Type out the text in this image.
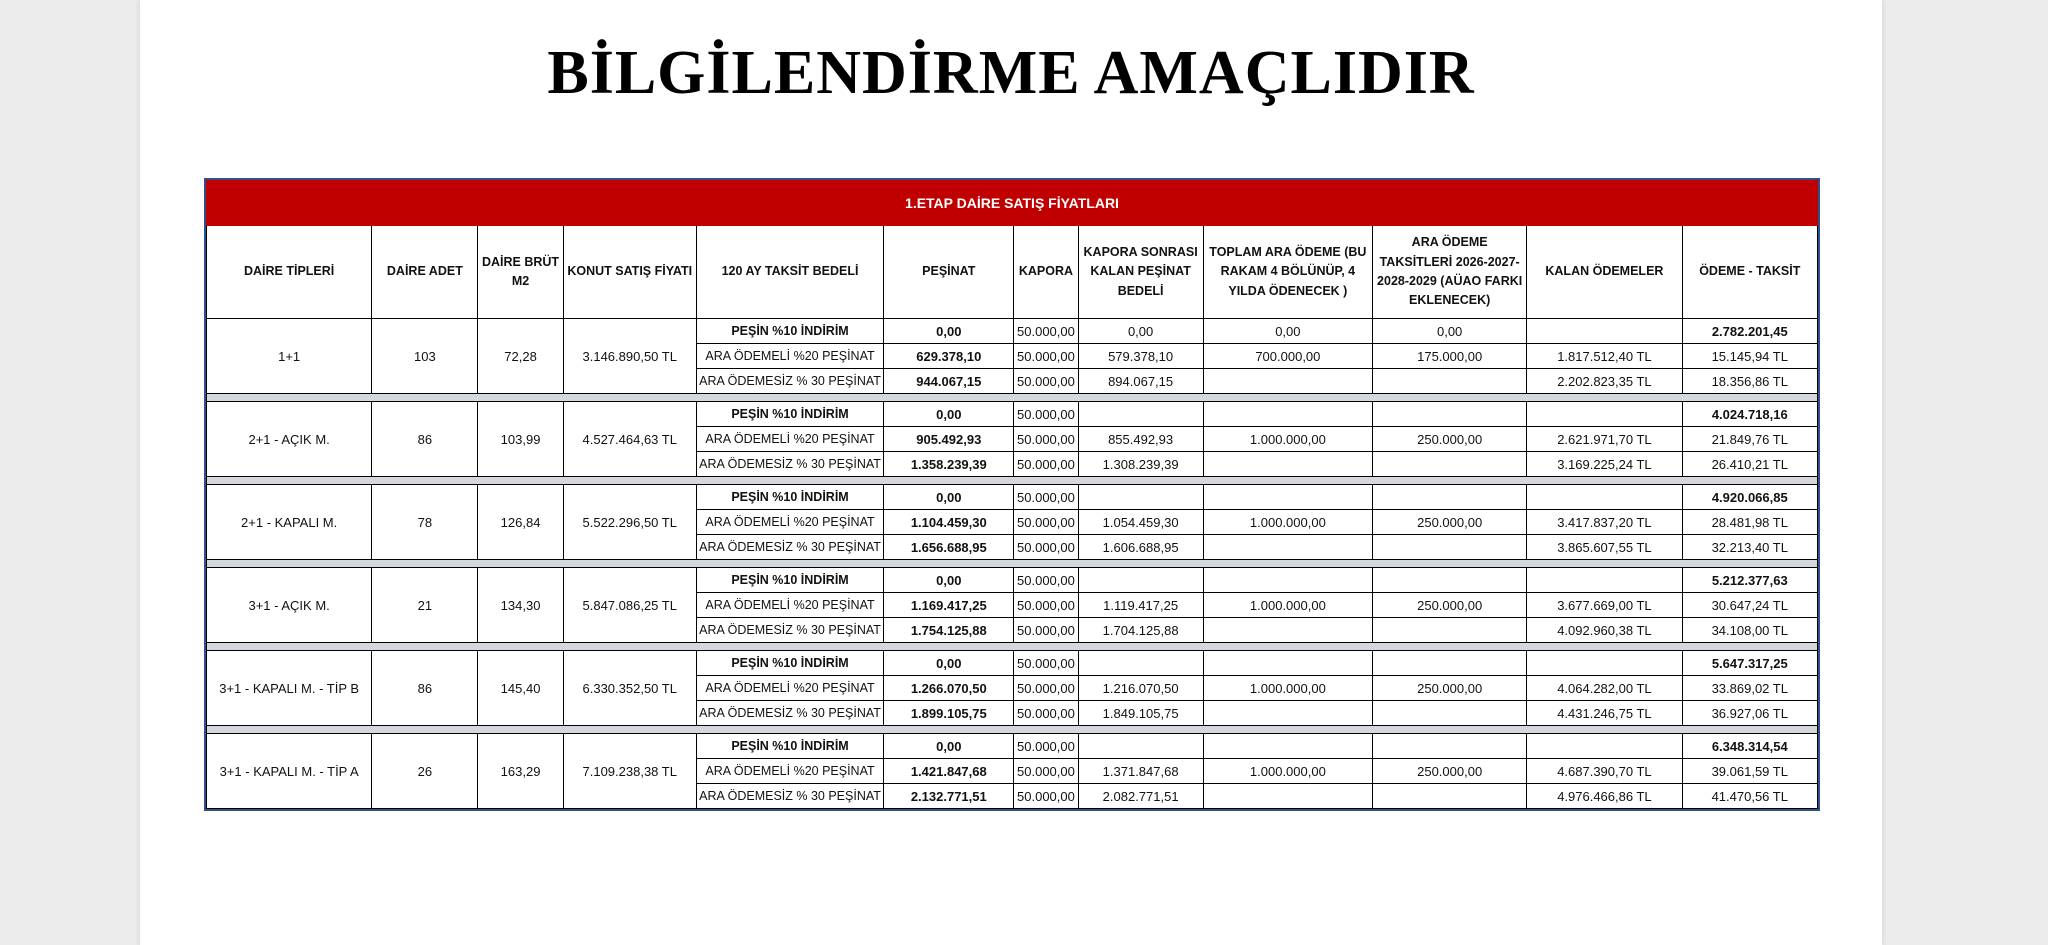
BİLGİLENDİRME AMAÇLIDIR
1.ETAP DAİRE SATIŞ FİYATLARI											
DAİRE TİPLERİ	DAİRE ADET	DAİRE BRÜT M2	KONUT SATIŞ FİYATI	120 AY TAKSİT BEDELİ	PEŞİNAT	KAPORA	KAPORA SONRASI KALAN PEŞİNAT BEDELİ	TOPLAM ARA ÖDEME (BU RAKAM 4 BÖLÜNÜP, 4 YILDA ÖDENECEK )	ARA ÖDEME TAKSİTLERİ 2026-2027-2028-2029 (AÜAO FARKI EKLENECEK)	KALAN ÖDEMELER	ÖDEME - TAKSİT
1+1	103	72,28	3.146.890,50 TL	PEŞİN %10 İNDİRİM	0,00	50.000,00	0,00	0,00	0,00		2.782.201,45
				ARA ÖDEMELİ %20 PEŞİNAT	629.378,10	50.000,00	579.378,10	700.000,00	175.000,00	1.817.512,40 TL	15.145,94 TL
				ARA ÖDEMESİZ % 30 PEŞİNAT	944.067,15	50.000,00	894.067,15			2.202.823,35 TL	18.356,86 TL

2+1 - AÇIK M.	86	103,99	4.527.464,63 TL	PEŞİN %10 İNDİRİM	0,00	50.000,00					4.024.718,16
				ARA ÖDEMELİ %20 PEŞİNAT	905.492,93	50.000,00	855.492,93	1.000.000,00	250.000,00	2.621.971,70 TL	21.849,76 TL
				ARA ÖDEMESİZ % 30 PEŞİNAT	1.358.239,39	50.000,00	1.308.239,39			3.169.225,24 TL	26.410,21 TL

2+1 - KAPALI M.	78	126,84	5.522.296,50 TL	PEŞİN %10 İNDİRİM	0,00	50.000,00					4.920.066,85
				ARA ÖDEMELİ %20 PEŞİNAT	1.104.459,30	50.000,00	1.054.459,30	1.000.000,00	250.000,00	3.417.837,20 TL	28.481,98 TL
				ARA ÖDEMESİZ % 30 PEŞİNAT	1.656.688,95	50.000,00	1.606.688,95			3.865.607,55 TL	32.213,40 TL

3+1 - AÇIK M.	21	134,30	5.847.086,25 TL	PEŞİN %10 İNDİRİM	0,00	50.000,00					5.212.377,63
				ARA ÖDEMELİ %20 PEŞİNAT	1.169.417,25	50.000,00	1.119.417,25	1.000.000,00	250.000,00	3.677.669,00 TL	30.647,24 TL
				ARA ÖDEMESİZ % 30 PEŞİNAT	1.754.125,88	50.000,00	1.704.125,88			4.092.960,38 TL	34.108,00 TL

3+1 - KAPALI M. - TİP B	86	145,40	6.330.352,50 TL	PEŞİN %10 İNDİRİM	0,00	50.000,00					5.647.317,25
				ARA ÖDEMELİ %20 PEŞİNAT	1.266.070,50	50.000,00	1.216.070,50	1.000.000,00	250.000,00	4.064.282,00 TL	33.869,02 TL
				ARA ÖDEMESİZ % 30 PEŞİNAT	1.899.105,75	50.000,00	1.849.105,75			4.431.246,75 TL	36.927,06 TL

3+1 - KAPALI M. - TİP A	26	163,29	7.109.238,38 TL	PEŞİN %10 İNDİRİM	0,00	50.000,00					6.348.314,54
				ARA ÖDEMELİ %20 PEŞİNAT	1.421.847,68	50.000,00	1.371.847,68	1.000.000,00	250.000,00	4.687.390,70 TL	39.061,59 TL
				ARA ÖDEMESİZ % 30 PEŞİNAT	2.132.771,51	50.000,00	2.082.771,51			4.976.466,86 TL	41.470,56 TL
